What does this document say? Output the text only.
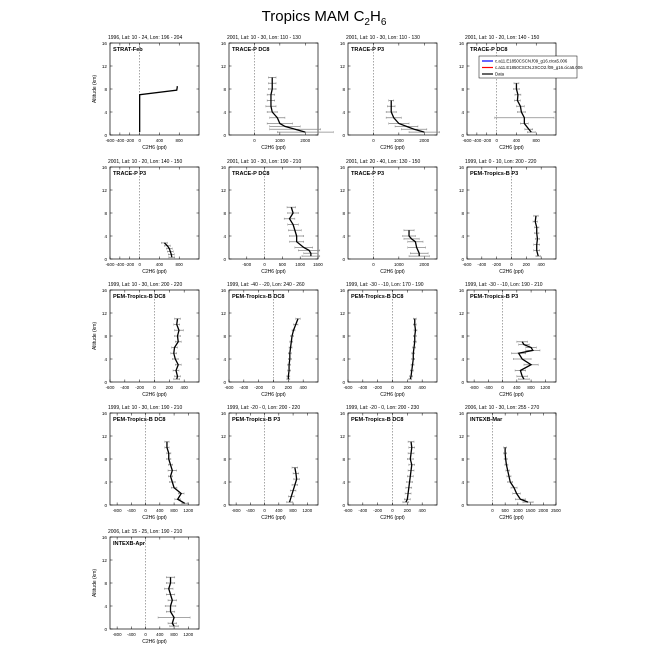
Tropics MAM $C_2H_6$
1996, Lat: 10 - 24, Lon: 196 - 204
STRAT-Feb
0
4
8
12
16
-600 -400 -200 0	400	800
C2H6 (ppt)
Altitude (km)
2001, Lat: 10 - 30, Lon: 110 - 130
TRACE-P DC8
0
4
8
12
16
0	1000	2000
C2H6 (ppt)
2001, Lat: 10 - 30, Lon: 110 - 130
TRACE-P P3
0
4
8
12
16
0	1000	2000
C2H6 (ppt)
2001, Lat: 10 - 20, Lon: 140 - 150
TRACE-P DC8
0
4
8
12
16
-600 -400 -200 0	400	800
C2H6 (ppt)
2001, Lat: 10 - 20, Lon: 140 - 150
TRACE-P P3
0
4
8
12
16
-600 -400 -200 0	400	800
C2H6 (ppt)
2001, Lat: 10 - 30, Lon: 190 - 210
TRACE-P DC8
0
4
8
12
16
-500	0	500 1000 1500
C2H6 (ppt)
2001, Lat: 20 - 40, Lon: 130 - 150
TRACE-P P3
0
4
8
12
16
0	1000	2000
C2H6 (ppt)
1999, Lat: 0 - 10, Lon: 200 - 220
PEM-Tropics-B P3
0
4
8
12
16
-600 -400 -200 0 200 400
C2H6 (ppt)
1999, Lat: 10 - 30, Lon: 200 - 220
PEM-Tropics-B DC8
0
4
8
12
16
-600 -400 -200 0 200 400
C2H6 (ppt)
Altitude (km)
1999, Lat: -40 - -20, Lon: 240 - 260
PEM-Tropics-B DC8
0
4
8
12
16
-600 -400 -200 0 200 400
C2H6 (ppt)
1999, Lat: -30 - -10, Lon: 170 - 190
PEM-Tropics-B DC8
0
4
8
12
16
-600 -400 -200 0 200 400
C2H6 (ppt)
1999, Lat: -30 - -10, Lon: 190 - 210
PEM-Tropics-B P3
0
4
8
12
16
-800 -400 0 400 800 1200
C2H6 (ppt)
1999, Lat: 10 - 30, Lon: 190 - 210
PEM-Tropics-B DC8
0
4
8
12
16
-800 -400 0 400 800 1200
C2H6 (ppt)
1999, Lat: -20 - 0, Lon: 200 - 220
PEM-Tropics-B P3
0
4
8
12
16
-800 -400 0 400 800 1200
C2H6 (ppt)
1999, Lat: -20 - 0, Lon: 200 - 230
PEM-Tropics-B DC8
0
4
8
12
16
-600 -400 -200 0 200 400
C2H6 (ppt)
2006, Lat: 10 - 30, Lon: 255 - 270
INTEXB-Mar
0
4
8
12
16
0 500 1000 1500 2000 2500
C2H6 (ppt)
2006, Lat: 15 - 25, Lon: 190 - 210
INTEXB-Apr
0
4
8
12
16
-800 -400 0 400 800 1200
C2H6 (ppt)
Altitude (km)
c.a11.E1850CSCN.f09_g16.cica5.006
c.a11.E1850CSCN.2XCO2.f09_g16.cica5.006
Data
